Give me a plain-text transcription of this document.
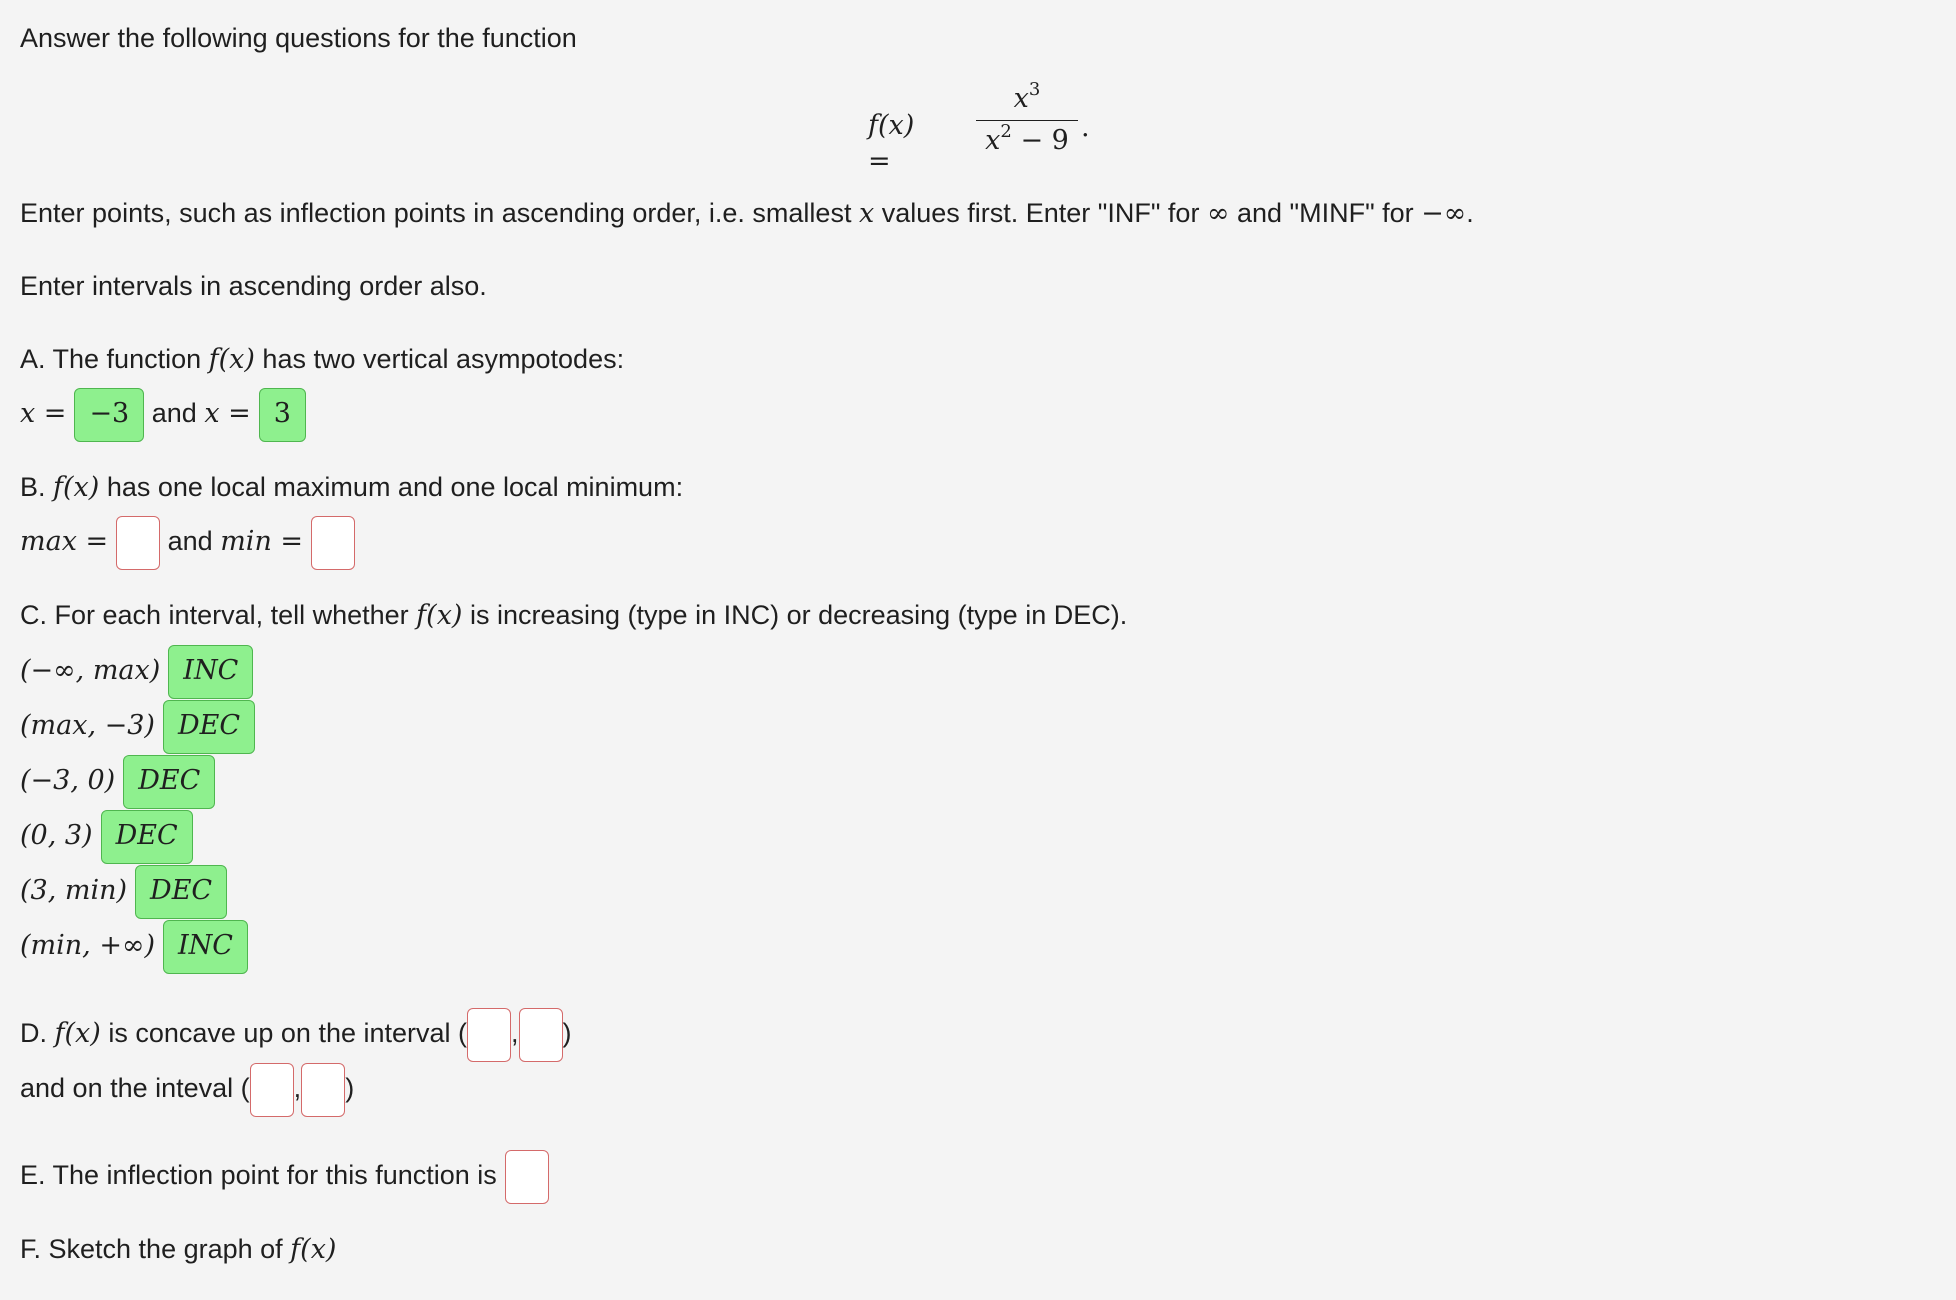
Answer the following questions for the function
f(x) =
$x^3$
$x^2 - 9$ .
Enter points, such as inflection points in ascending order, i.e. smallest x values first. Enter "INF" for ∞ and "MINF" for −∞.
Enter intervals in ascending order also.
A. The function f(x) has two vertical asympotodes:
x = −3 and x = 3
B. f(x) has one local maximum and one local minimum:
max = and min =
C. For each interval, tell whether f(x) is increasing (type in INC) or decreasing (type in DEC).
(−∞, max) INC
(max, −3) DEC
(−3, 0) DEC
(0, 3) DEC
(3, min) DEC
(min, +∞) INC
D. f(x) is concave up on the interval ( , )
and on the inteval ( , )
E. The inflection point for this function is
F. Sketch the graph of f(x)
